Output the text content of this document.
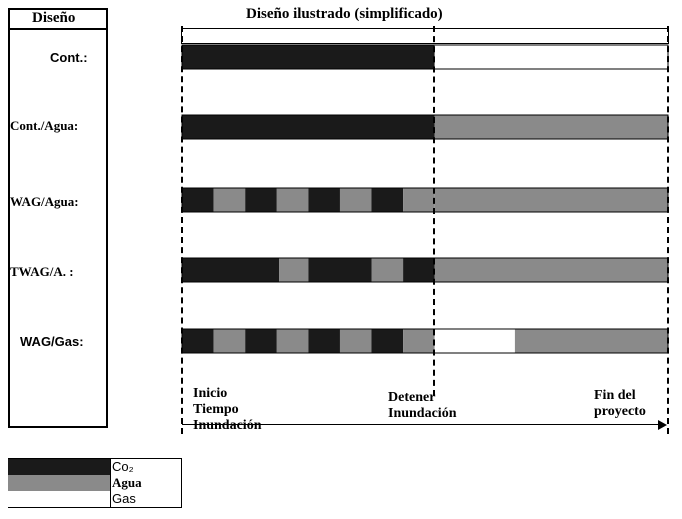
Diseño
Cont.:
Cont./Agua:
WAG/Agua:
TWAG/A. :
WAG/Gas:
Diseño ilustrado (simplificado)
Inicio
Tiempo
Inundación
Detener
Inundación
Fin del
proyecto
Co₂
Agua
Gas
